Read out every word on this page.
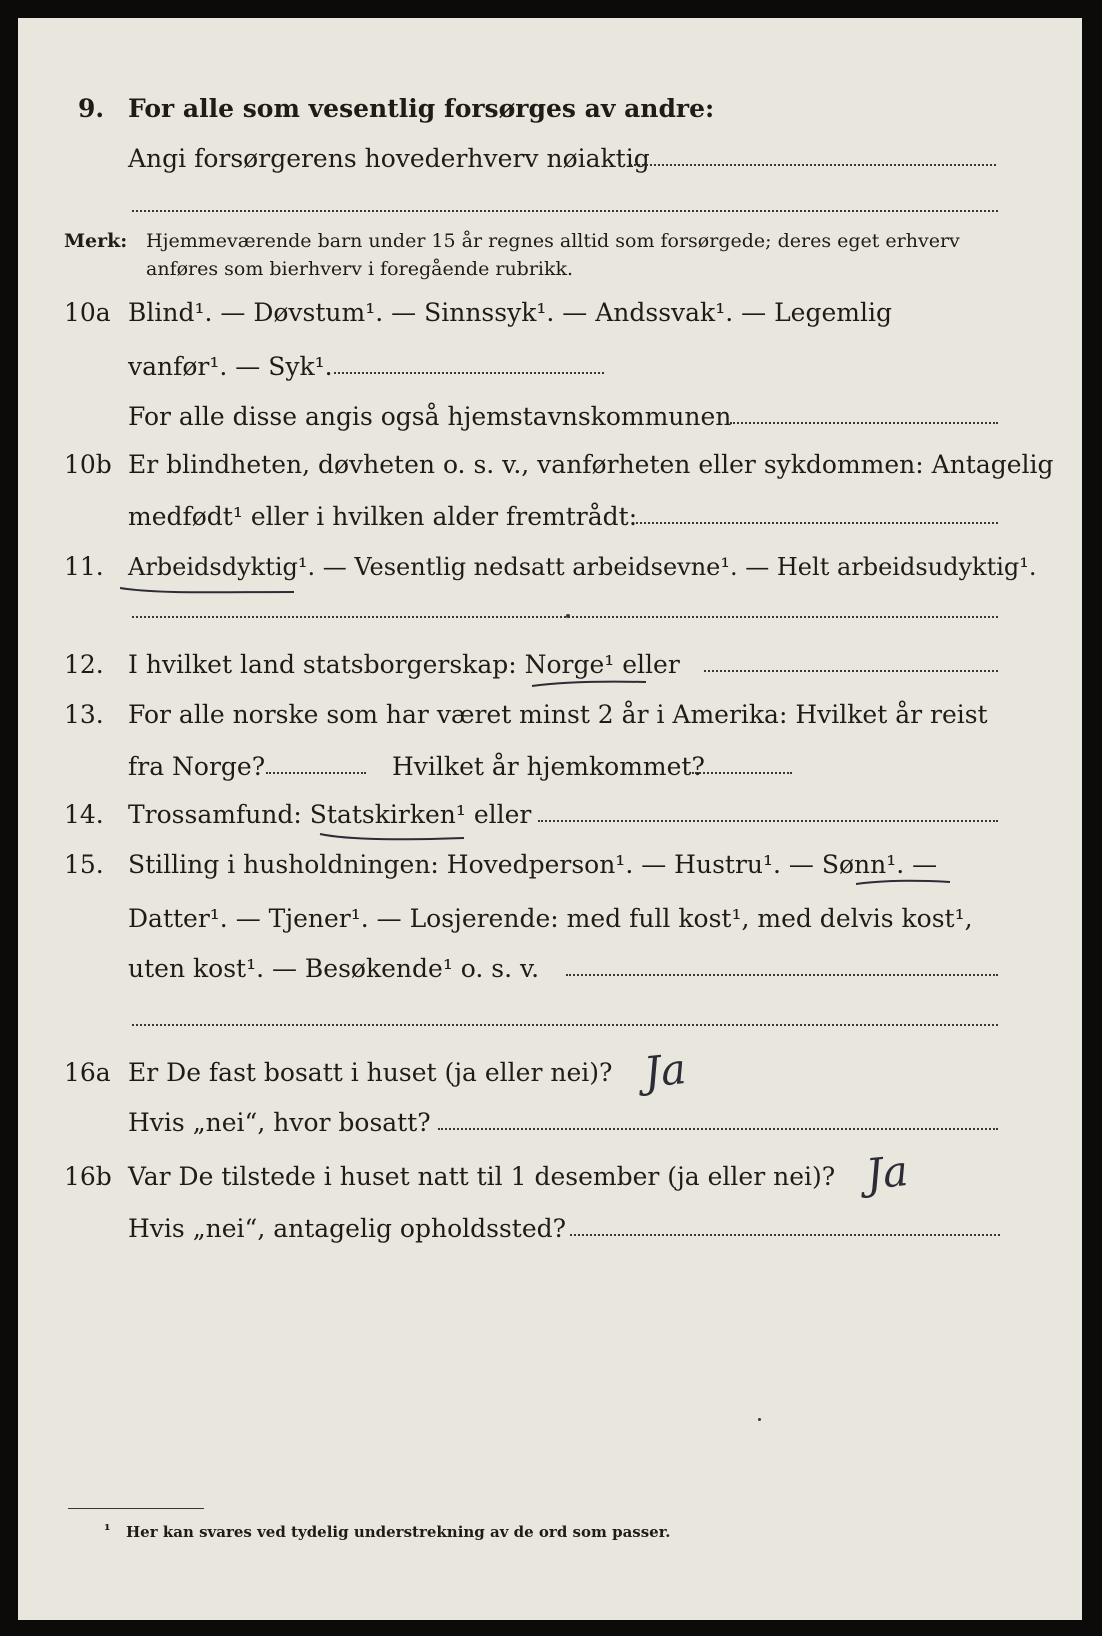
9. For alle som vesentlig forsørges av andre:
Angi forsørgerens hovederhverv nøiaktig
Merk: Hjemmeværende barn under 15 år regnes alltid som forsørgede; deres eget erhverv
anføres som bierhverv i foregående rubrikk.
10a Blind¹. — Døvstum¹. — Sinnssyk¹. — Andssvak¹. — Legemlig
vanfør¹. — Syk¹.
For alle disse angis også hjemstavnskommunen
10b Er blindheten, døvheten o. s. v., vanførheten eller sykdommen: Antagelig
medfødt¹ eller i hvilken alder fremtrådt:
11. Arbeidsdyktig¹. — Vesentlig nedsatt arbeidsevne¹. — Helt arbeidsudyktig¹.
12. I hvilket land statsborgerskap: Norge¹ eller
13. For alle norske som har været minst 2 år i Amerika: Hvilket år reist
fra Norge?	Hvilket år hjemkommet?
14. Trossamfund: Statskirken¹ eller
15. Stilling i husholdningen: Hovedperson¹. — Hustru¹. — Sønn¹. —
Datter¹. — Tjener¹. — Losjerende: med full kost¹, med delvis kost¹,
uten kost¹. — Besøkende¹ o. s. v.
16a Er De fast bosatt i huset (ja eller nei)? Ja
Hvis „nei“, hvor bosatt?
16b Var De tilstede i huset natt til 1 desember (ja eller nei)? Ja
Hvis „nei“, antagelig opholdssted?
¹ Her kan svares ved tydelig understrekning av de ord som passer.
